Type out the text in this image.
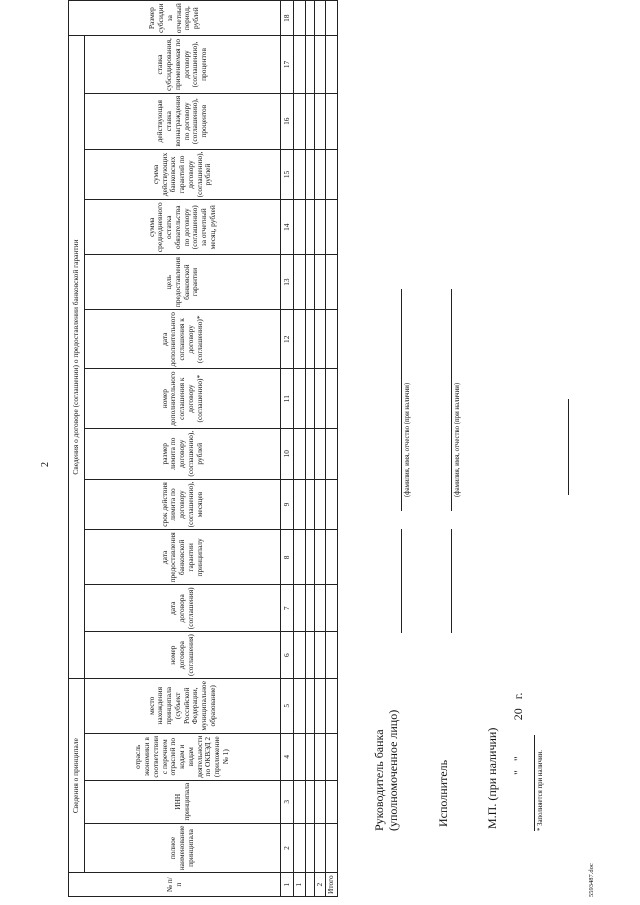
2
№ п/п	Сведения о принципале				Сведения о договоре (соглашении) о предоставлении банковской гарантии												Размер субсидии за отчетный период, рублей		
	полное наименование принципала	ИНН принципала	отрасль экономики в соответствии с перечнем отраслей по кодам и видам деятельности по ОКВЭД 2 (приложение № 1)	место нахождения принципала (субъект Российской Федерации, муниципальное образование)	номер договора (соглашения)	дата договора (соглашения)	дата предоставления банковской гарантии принципалу	срок действия лимита по договору (соглашению), месяцев	размер лимита по договору (соглашению), рублей	номер дополнительного соглашения к договору (соглашению)*	дата дополнительного соглашения к договору (соглашению)*	цель предоставления банковской гарантии	сумма среднедневного остатка обязательства по договору (соглашению) за отчетный месяц, рублей	сумма действующих банковских гарантий по договору (соглашению), рублей	действующая ставка вознаграждения по договору (соглашению), процентов	ставка субсидирования, применяемая по договору (соглашению), процентов			
1	2	3	4	5	6	7	8	9	10	11	12	13	14	15	16	17	18		
1																			

2																			
Итого																			
Руководитель банка (уполномоченное лицо)
(фамилия, имя, отчество (при наличии)
Исполнитель
(фамилия, имя, отчество (при наличии)
М.П. (при наличии) "   "            20   г.
* Заполняется при наличии.
5593487.doc
